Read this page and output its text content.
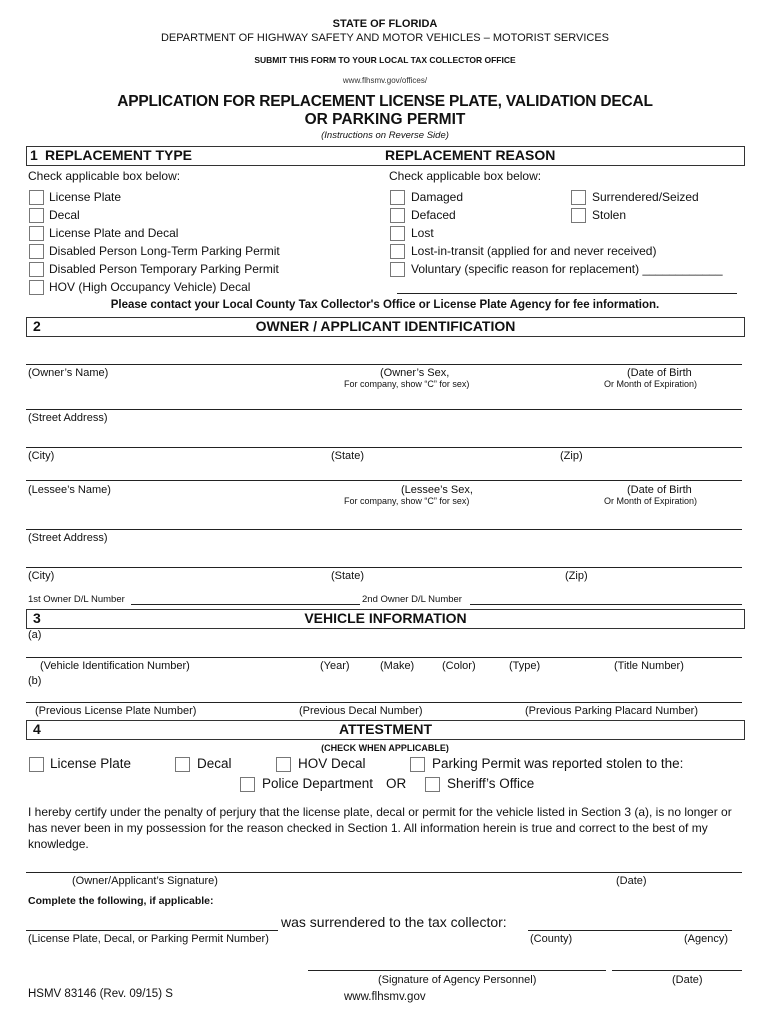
STATE OF FLORIDA
DEPARTMENT OF HIGHWAY SAFETY AND MOTOR VEHICLES – MOTORIST SERVICES
SUBMIT THIS FORM TO YOUR LOCAL TAX COLLECTOR OFFICE
www.flhsmv.gov/offices/
APPLICATION FOR REPLACEMENT LICENSE PLATE, VALIDATION DECAL
OR PARKING PERMIT
(Instructions on Reverse Side)
1 REPLACEMENT TYPE	REPLACEMENT REASON
Check applicable box below:	Check applicable box below:
License Plate
Decal
License Plate and Decal
Disabled Person Long-Term Parking Permit
Disabled Person Temporary Parking Permit
HOV (High Occupancy Vehicle) Decal
Damaged
Defaced
Lost
Lost-in-transit (applied for and never received)
Voluntary (specific reason for replacement) ____________
Surrendered/Seized
Stolen
Please contact your Local County Tax Collector's Office or License Plate Agency for fee information.
2	OWNER / APPLICANT IDENTIFICATION
(Owner’s Name)	(Owner’s Sex,
For company, show “C” for sex)
(Date of Birth
Or Month of Expiration)
(Street Address)
(City)	(State)	(Zip)
(Lessee’s Name)	(Lessee’s Sex,
For company, show “C” for sex)
(Date of Birth
Or Month of Expiration)
(Street Address)
(City)	(State)	(Zip)
1st Owner D/L Number	2nd Owner D/L Number
3	VEHICLE INFORMATION
(a)
(Vehicle Identification Number)	(Year)	(Make)	(Color)	(Type)	(Title Number)
(b)
(Previous License Plate Number)	(Previous Decal Number)	(Previous Parking Placard Number)
4	ATTESTMENT
(CHECK WHEN APPLICABLE)
License Plate	Decal	HOV Decal	Parking Permit was reported stolen to the:
Police Department OR	Sheriff’s Office
I hereby certify under the penalty of perjury that the license plate, decal or permit for the vehicle listed in Section 3 (a), is no longer or has never been in my possession for the reason checked in Section 1. All information herein is true and correct to the best of my knowledge.
(Owner/Applicant’s Signature)	(Date)
Complete the following, if applicable:
was surrendered to the tax collector:
(License Plate, Decal, or Parking Permit Number)	(County)	(Agency)
(Signature of Agency Personnel)	(Date)
HSMV 83146 (Rev. 09/15) S	www.flhsmv.gov
